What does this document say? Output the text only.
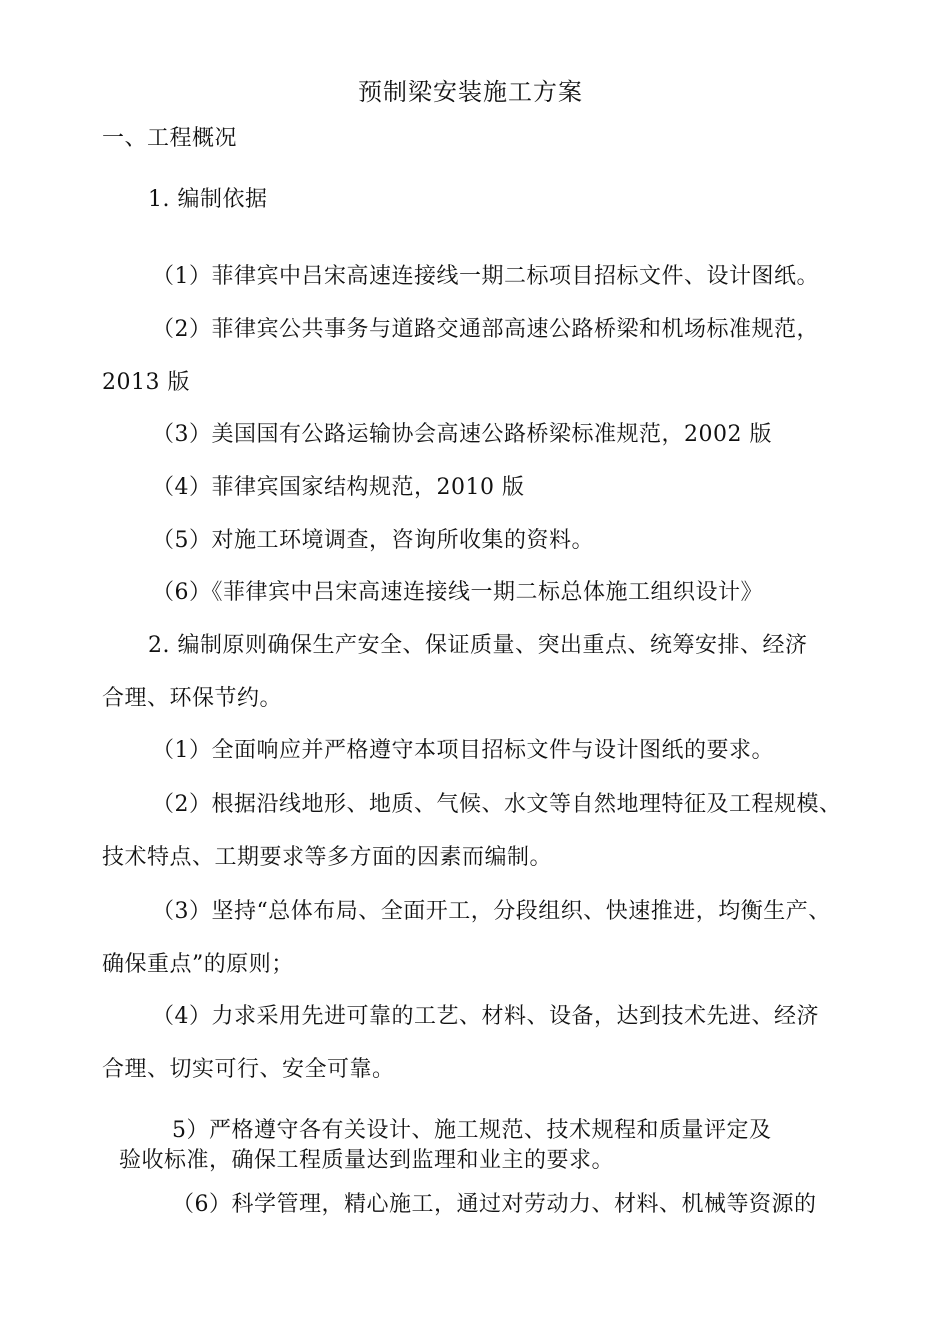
预制梁安装施工方案
一、工程概况
1. 编制依据
（1）菲律宾中吕宋高速连接线一期二标项目招标文件、设计图纸。
（2）菲律宾公共事务与道路交通部高速公路桥梁和机场标准规范，
2013 版
（3）美国国有公路运输协会高速公路桥梁标准规范，2002 版
（4）菲律宾国家结构规范，2010 版
（5）对施工环境调查，咨询所收集的资料。
（6）《菲律宾中吕宋高速连接线一期二标总体施工组织设计》
2. 编制原则确保生产安全、保证质量、突出重点、统筹安排、经济
合理、环保节约。
（1）全面响应并严格遵守本项目招标文件与设计图纸的要求。
（2）根据沿线地形、地质、气候、水文等自然地理特征及工程规模、
技术特点、工期要求等多方面的因素而编制。
（3）坚持“总体布局、全面开工，分段组织、快速推进，均衡生产、
确保重点”的原则；
（4）力求采用先进可靠的工艺、材料、设备，达到技术先进、经济
合理、切实可行、安全可靠。
5）严格遵守各有关设计、施工规范、技术规程和质量评定及
验收标准，确保工程质量达到监理和业主的要求。
（6）科学管理，精心施工，通过对劳动力、材料、机械等资源的
